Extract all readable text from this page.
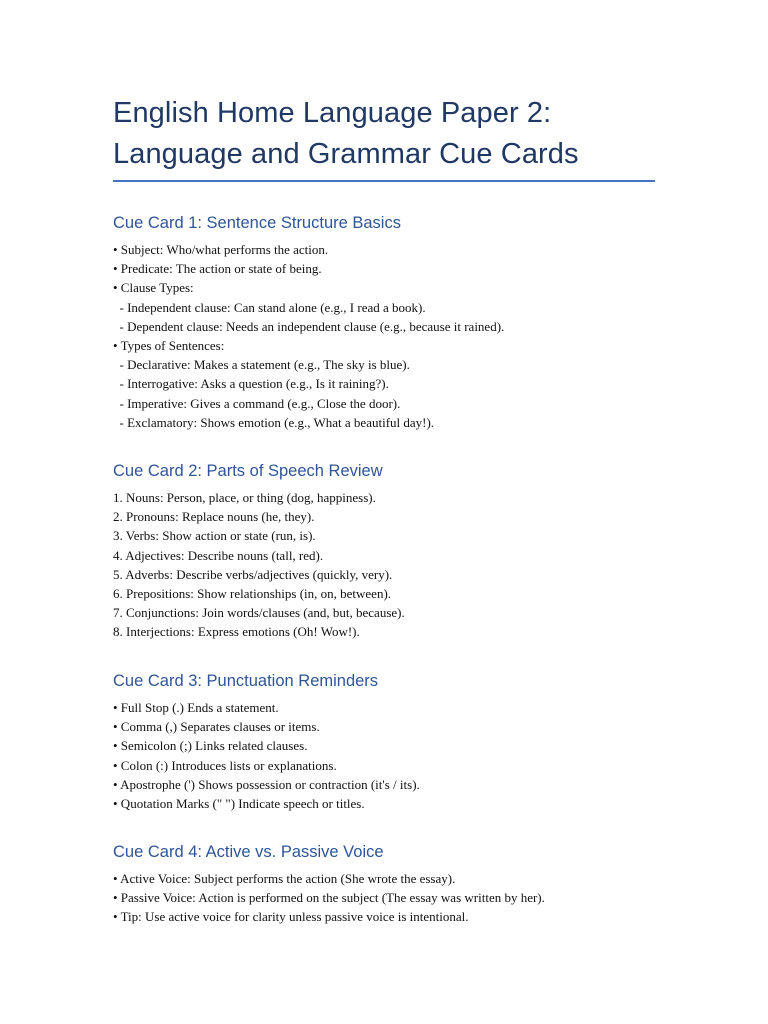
English Home Language Paper 2:
Language and Grammar Cue Cards
Cue Card 1: Sentence Structure Basics
• Subject: Who/what performs the action.
• Predicate: The action or state of being.
• Clause Types:
- Independent clause: Can stand alone (e.g., I read a book).
- Dependent clause: Needs an independent clause (e.g., because it rained).
• Types of Sentences:
- Declarative: Makes a statement (e.g., The sky is blue).
- Interrogative: Asks a question (e.g., Is it raining?).
- Imperative: Gives a command (e.g., Close the door).
- Exclamatory: Shows emotion (e.g., What a beautiful day!).
Cue Card 2: Parts of Speech Review
1. Nouns: Person, place, or thing (dog, happiness).
2. Pronouns: Replace nouns (he, they).
3. Verbs: Show action or state (run, is).
4. Adjectives: Describe nouns (tall, red).
5. Adverbs: Describe verbs/adjectives (quickly, very).
6. Prepositions: Show relationships (in, on, between).
7. Conjunctions: Join words/clauses (and, but, because).
8. Interjections: Express emotions (Oh! Wow!).
Cue Card 3: Punctuation Reminders
• Full Stop (.) Ends a statement.
• Comma (,) Separates clauses or items.
• Semicolon (;) Links related clauses.
• Colon (:) Introduces lists or explanations.
• Apostrophe (') Shows possession or contraction (it's / its).
• Quotation Marks (" ") Indicate speech or titles.
Cue Card 4: Active vs. Passive Voice
• Active Voice: Subject performs the action (She wrote the essay).
• Passive Voice: Action is performed on the subject (The essay was written by her).
• Tip: Use active voice for clarity unless passive voice is intentional.
